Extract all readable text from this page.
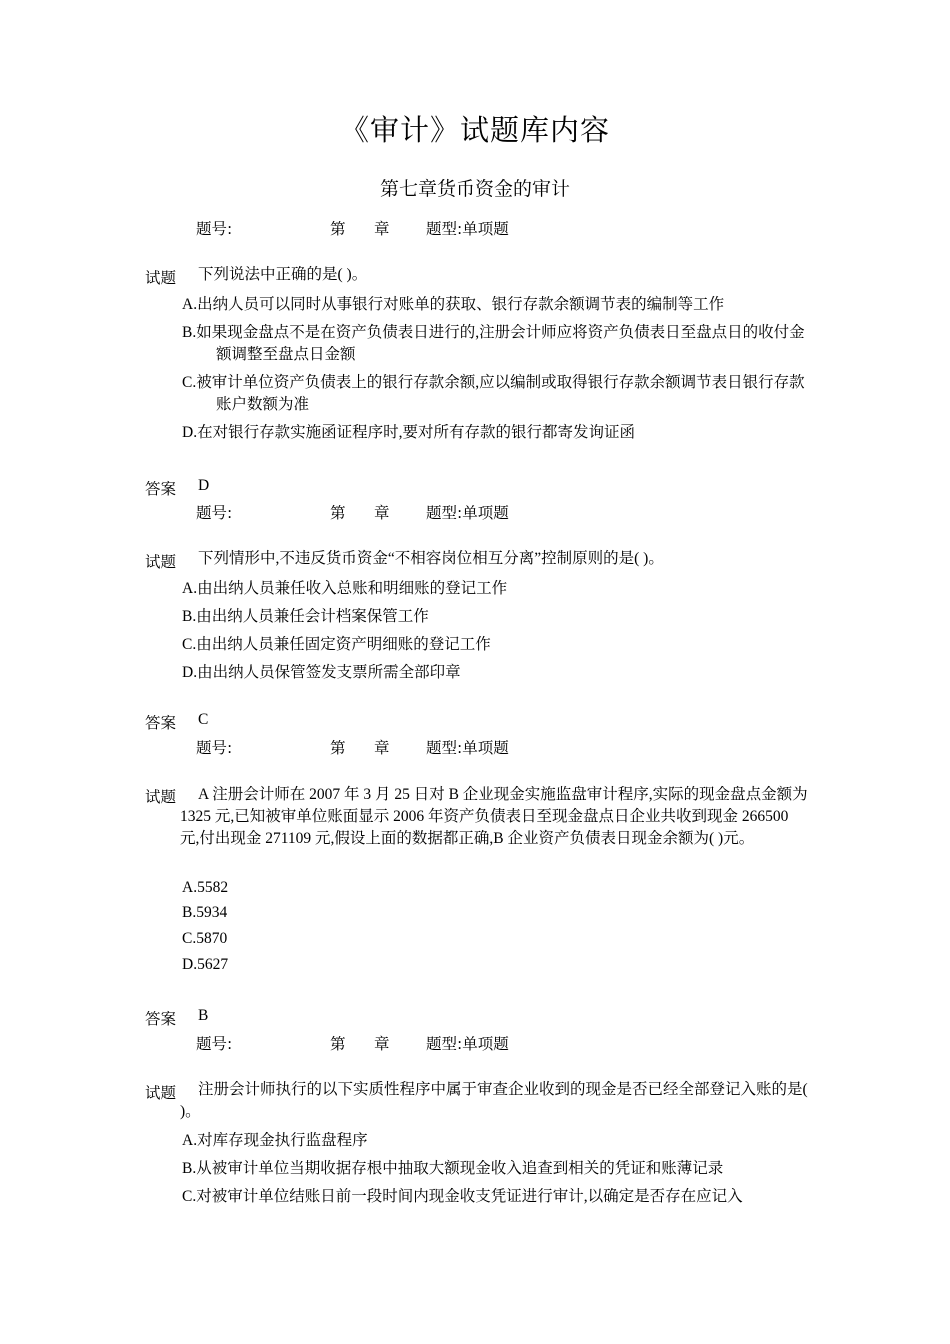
《审计》试题库内容
第七章货币资金的审计
题号:	第 章 题型:单项题
试题	下列说法中正确的是( )。
A.出纳人员可以同时从事银行对账单的获取、银行存款余额调节表的编制等工作
B.如果现金盘点不是在资产负债表日进行的,注册会计师应将资产负债表日至盘点日的收付金额调整至盘点日金额
C.被审计单位资产负债表上的银行存款余额,应以编制或取得银行存款余额调节表日银行存款账户数额为准
D.在对银行存款实施函证程序时,要对所有存款的银行都寄发询证函
答案 D
题号:	第 章 题型:单项题
试题	下列情形中,不违反货币资金“不相容岗位相互分离”控制原则的是( )。
A.由出纳人员兼任收入总账和明细账的登记工作
B.由出纳人员兼任会计档案保管工作
C.由出纳人员兼任固定资产明细账的登记工作
D.由出纳人员保管签发支票所需全部印章
答案 C
题号:	第 章 题型:单项题
试题	A 注册会计师在 2007 年 3 月 25 日对 B 企业现金实施监盘审计程序,实际的现金盘点金额为 1325 元,已知被审单位账面显示 2006 年资产负债表日至现金盘点日企业共收到现金 266500 元,付出现金 271109 元,假设上面的数据都正确,B 企业资产负债表日现金余额为( )元。
A.5582
B.5934
C.5870
D.5627
答案 B
题号:	第 章 题型:单项题
试题	注册会计师执行的以下实质性程序中属于审查企业收到的现金是否已经全部登记入账的是( )。
A.对库存现金执行监盘程序
B.从被审计单位当期收据存根中抽取大额现金收入追查到相关的凭证和账薄记录
C.对被审计单位结账日前一段时间内现金收支凭证进行审计,以确定是否存在应记入
